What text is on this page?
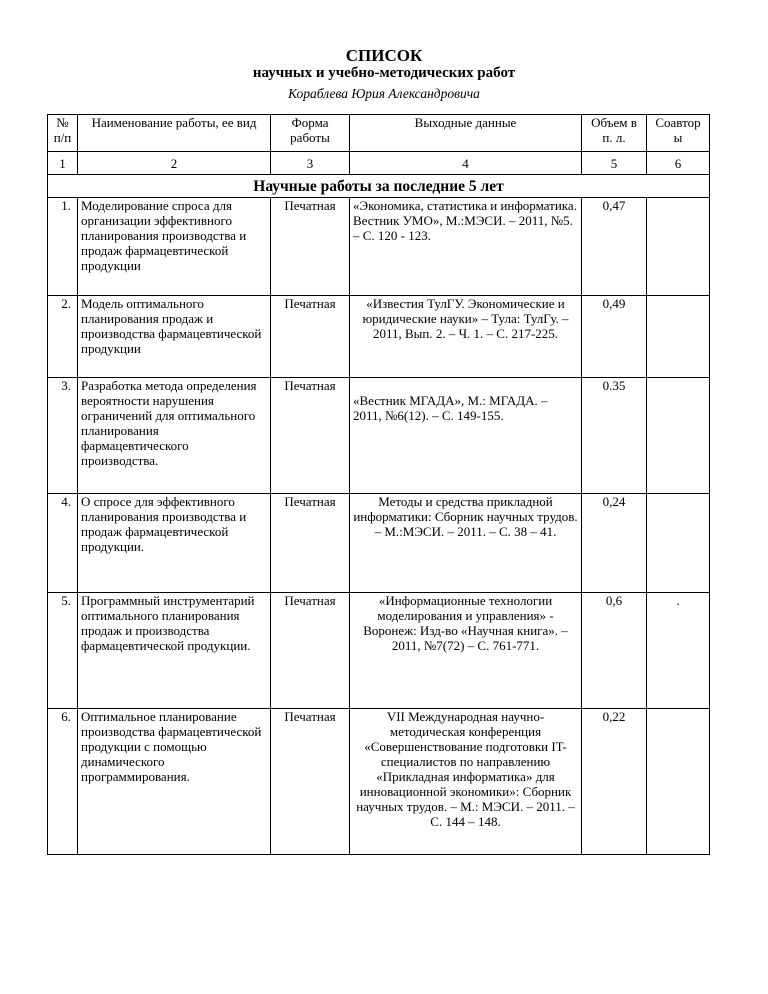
СПИСОК
научных и учебно-методических работ
Кораблева Юрия Александровича
№ п/п	Наименование работы, ее вид	Форма работы	Выходные данные	Объем в п. л.	Соавтор ы
1	2	3	4	5	6
Научные работы за последние 5 лет					
1.	Моделирование спроса для организации эффективного планирования производства и продаж фармацевтической продукции	Печатная	«Экономика, статистика и информатика. Вестник УМО», М.:МЭСИ. – 2011, №5. – С. 120 - 123.	0,47	
2.	Модель оптимального планирования продаж и производства фармацевтической продукции	Печатная	«Известия ТулГУ. Экономические и юридические науки» – Тула: ТулГу. – 2011, Вып. 2. – Ч. 1. – С. 217-225.	0,49	
3.	Разработка метода определения вероятности нарушения ограничений для оптимального планирования фармацевтического производства.	Печатная	«Вестник МГАДА», М.: МГАДА. – 2011, №6(12). – С. 149-155.	0.35	
4.	О спросе для эффективного планирования производства и продаж фармацевтической продукции.	Печатная	Методы и средства прикладной информатики: Сборник научных трудов. – М.:МЭСИ. – 2011. – С. 38 – 41.	0,24	
5.	Программный инструментарий оптимального планирования продаж и производства фармацевтической продукции.	Печатная	«Информационные технологии моделирования и управления» - Воронеж: Изд-во «Научная книга». – 2011, №7(72) – С. 761-771.	0,6	.
6.	Оптимальное планирование производства фармацевтической продукции с помощью динамического программирования.	Печатная	VII Международная научно-методическая конференция «Совершенствование подготовки IT-специалистов по направлению «Прикладная информатика» для инновационной экономики»: Сборник научных трудов. – М.: МЭСИ. – 2011. – С. 144 – 148.	0,22	
